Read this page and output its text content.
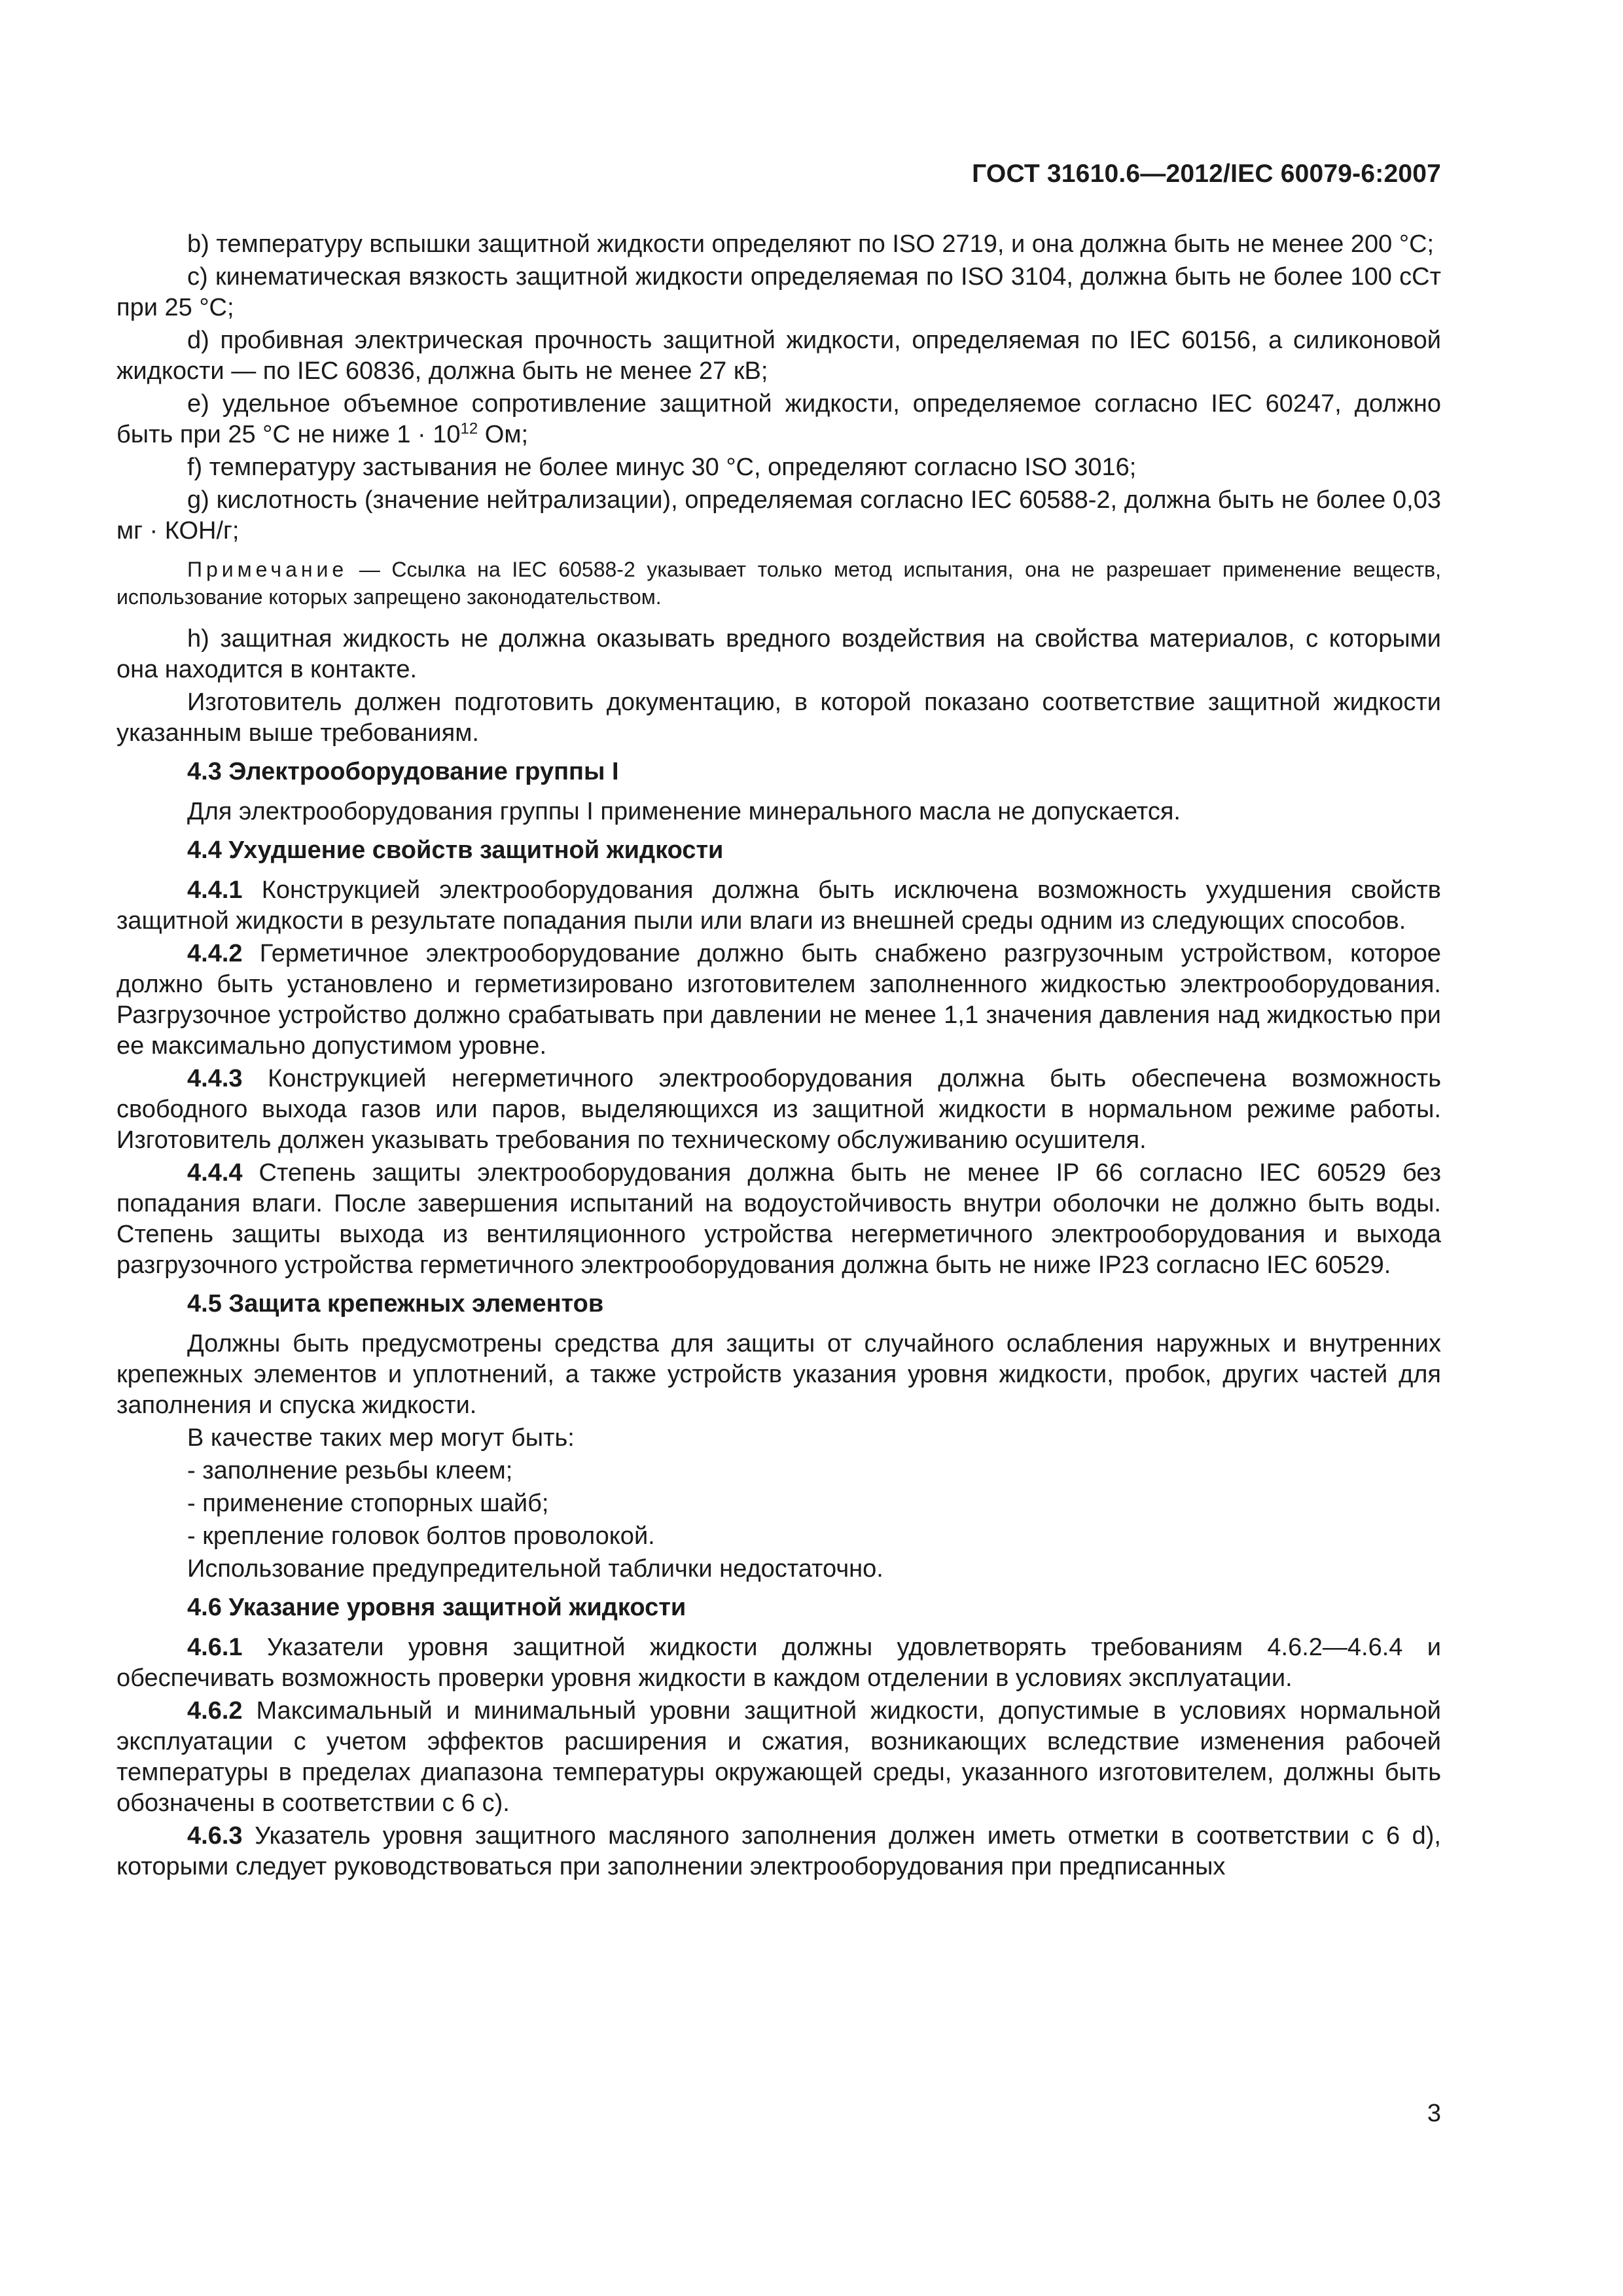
ГОСТ 31610.6—2012/IEC 60079-6:2007

b) температуру вспышки защитной жидкости определяют по ISO 2719, и она должна быть не менее 200 °C;

c) кинематическая вязкость защитной жидкости определяемая по ISO 3104, должна быть не более 100 сСт при 25 °C;

d) пробивная электрическая прочность защитной жидкости, определяемая по IEC 60156, а силиконовой жидкости — по IEC 60836, должна быть не менее 27 кВ;

e) удельное объемное сопротивление защитной жидкости, определяемое согласно IEC 60247, должно быть при 25 °C не ниже $1 \cdot 10^{12}$ Ом;

f) температуру застывания не более минус 30 °C, определяют согласно ISO 3016;

g) кислотность (значение нейтрализации), определяемая согласно IEC 60588-2, должна быть не более 0,03 мг · КОН/г;

Примечание — Ссылка на IEC 60588-2 указывает только метод испытания, она не разрешает применение веществ, использование которых запрещено законодательством.

h) защитная жидкость не должна оказывать вредного воздействия на свойства материалов, с которыми она находится в контакте.

Изготовитель должен подготовить документацию, в которой показано соответствие защитной жидкости указанным выше требованиям.

4.3 Электрооборудование группы I

Для электрооборудования группы I применение минерального масла не допускается.

4.4 Ухудшение свойств защитной жидкости

4.4.1 Конструкцией электрооборудования должна быть исключена возможность ухудшения свойств защитной жидкости в результате попадания пыли или влаги из внешней среды одним из следующих способов.

4.4.2 Герметичное электрооборудование должно быть снабжено разгрузочным устройством, которое должно быть установлено и герметизировано изготовителем заполненного жидкостью электрооборудования. Разгрузочное устройство должно срабатывать при давлении не менее 1,1 значения давления над жидкостью при ее максимально допустимом уровне.

4.4.3 Конструкцией негерметичного электрооборудования должна быть обеспечена возможность свободного выхода газов или паров, выделяющихся из защитной жидкости в нормальном режиме работы. Изготовитель должен указывать требования по техническому обслуживанию осушителя.

4.4.4 Степень защиты электрооборудования должна быть не менее IP 66 согласно IEC 60529 без попадания влаги. После завершения испытаний на водоустойчивость внутри оболочки не должно быть воды. Степень защиты выхода из вентиляционного устройства негерметичного электрооборудования и выхода разгрузочного устройства герметичного электрооборудования должна быть не ниже IP23 согласно IEC 60529.

4.5 Защита крепежных элементов

Должны быть предусмотрены средства для защиты от случайного ослабления наружных и внутренних крепежных элементов и уплотнений, а также устройств указания уровня жидкости, пробок, других частей для заполнения и спуска жидкости.

В качестве таких мер могут быть:

- заполнение резьбы клеем;

- применение стопорных шайб;

- крепление головок болтов проволокой.

Использование предупредительной таблички недостаточно.

4.6 Указание уровня защитной жидкости

4.6.1 Указатели уровня защитной жидкости должны удовлетворять требованиям 4.6.2—4.6.4 и обеспечивать возможность проверки уровня жидкости в каждом отделении в условиях эксплуатации.

4.6.2 Максимальный и минимальный уровни защитной жидкости, допустимые в условиях нормальной эксплуатации с учетом эффектов расширения и сжатия, возникающих вследствие изменения рабочей температуры в пределах диапазона температуры окружающей среды, указанного изготовителем, должны быть обозначены в соответствии с 6 c).

4.6.3 Указатель уровня защитного масляного заполнения должен иметь отметки в соответствии с 6 d), которыми следует руководствоваться при заполнении электрооборудования при предписанных

3
